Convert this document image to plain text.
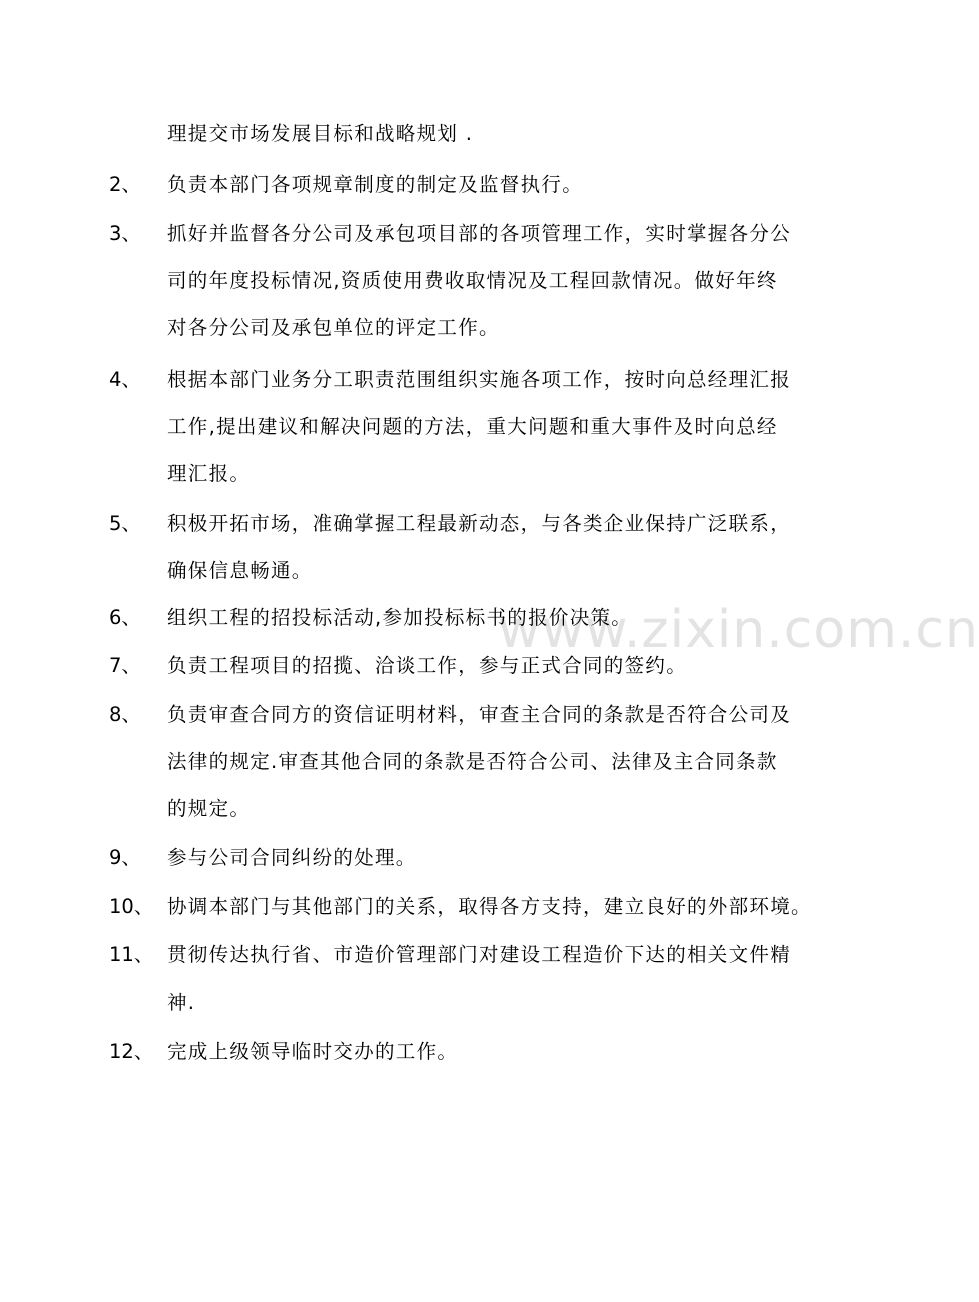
www.zixin.com.cn
理提交市场发展目标和战略规划 .
2、 负责本部门各项规章制度的制定及监督执行。
3、 抓好并监督各分公司及承包项目部的各项管理工作，实时掌握各分公
司的年度投标情况,资质使用费收取情况及工程回款情况。做好年终
对各分公司及承包单位的评定工作。
4、 根据本部门业务分工职责范围组织实施各项工作，按时向总经理汇报
工作,提出建议和解决问题的方法，重大问题和重大事件及时向总经
理汇报。
5、 积极开拓市场，准确掌握工程最新动态，与各类企业保持广泛联系，
确保信息畅通。
6、 组织工程的招投标活动,参加投标标书的报价决策。
7、 负责工程项目的招揽、洽谈工作，参与正式合同的签约。
8、 负责审查合同方的资信证明材料，审查主合同的条款是否符合公司及
法律的规定.审查其他合同的条款是否符合公司、法律及主合同条款
的规定。
9、 参与公司合同纠纷的处理。
10、 协调本部门与其他部门的关系，取得各方支持，建立良好的外部环境。
11、 贯彻传达执行省、市造价管理部门对建设工程造价下达的相关文件精
神.
12、 完成上级领导临时交办的工作。
